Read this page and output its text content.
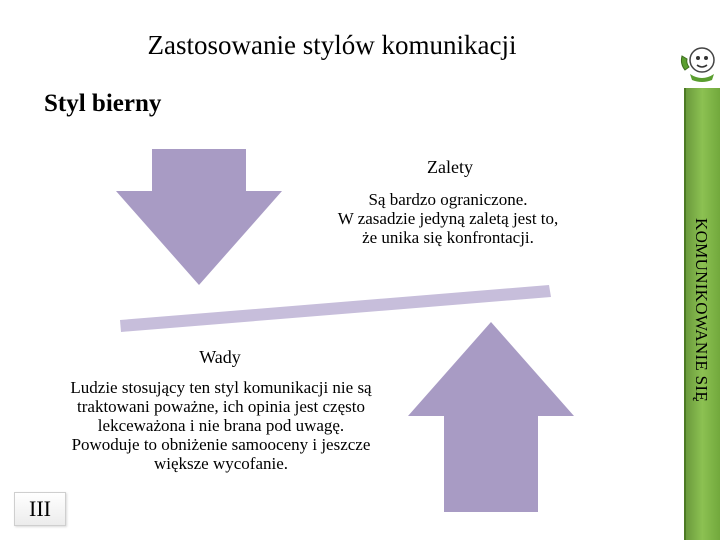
Zastosowanie stylów komunikacji
Styl bierny
Zalety
Są bardzo ograniczone.
W zasadzie jedyną zaletą jest to,
że unika się konfrontacji.
Wady
Ludzie stosujący ten styl komunikacji nie są
traktowani poważne, ich opinia jest często
lekceważona i nie brana pod uwagę.
Powoduje to obniżenie samooceny i jeszcze
większe wycofanie.
III
KOMUNIKOWANIE SIĘ
